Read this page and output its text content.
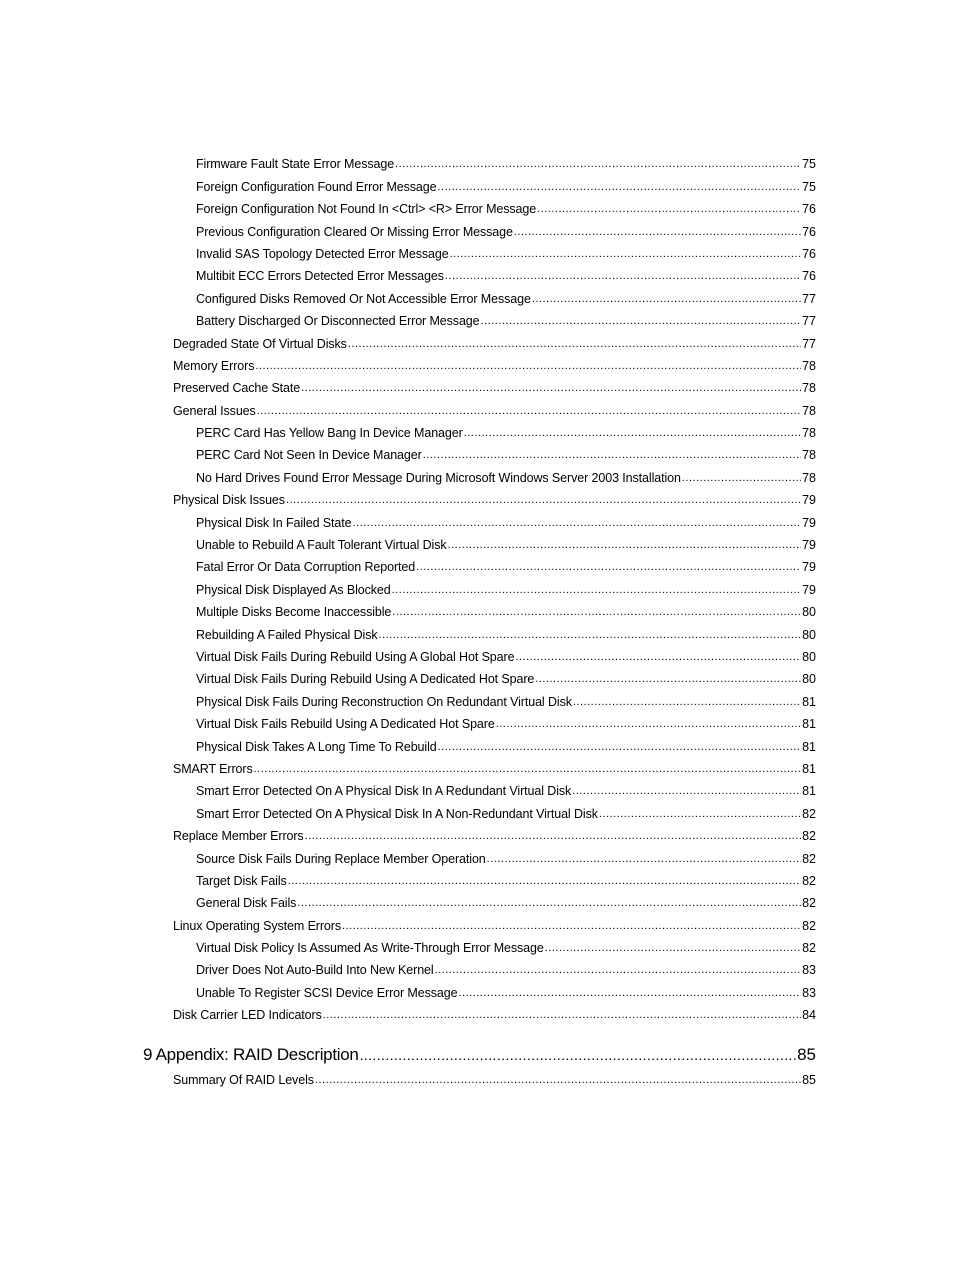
Firmware Fault State Error Message .....	75
Foreign Configuration Found Error Message .....	75
Foreign Configuration Not Found In <Ctrl> <R> Error Message .....	76
Previous Configuration Cleared Or Missing Error Message .....	76
Invalid SAS Topology Detected Error Message .....	76
Multibit ECC Errors Detected Error Messages .....	76
Configured Disks Removed Or Not Accessible Error Message .....	77
Battery Discharged Or Disconnected Error Message .....	77
Degraded State Of Virtual Disks .....	77
Memory Errors .....	78
Preserved Cache State .....	78
General Issues .....	78
PERC Card Has Yellow Bang In Device Manager .....	78
PERC Card Not Seen In Device Manager .....	78
No Hard Drives Found Error Message During Microsoft Windows Server 2003 Installation .....	78
Physical Disk Issues .....	79
Physical Disk In Failed State .....	79
Unable to Rebuild A Fault Tolerant Virtual Disk .....	79
Fatal Error Or Data Corruption Reported .....	79
Physical Disk Displayed As Blocked .....	79
Multiple Disks Become Inaccessible .....	80
Rebuilding A Failed Physical Disk .....	80
Virtual Disk Fails During Rebuild Using A Global Hot Spare .....	80
Virtual Disk Fails During Rebuild Using A Dedicated Hot Spare .....	80
Physical Disk Fails During Reconstruction On Redundant Virtual Disk .....	81
Virtual Disk Fails Rebuild Using A Dedicated Hot Spare .....	81
Physical Disk Takes A Long Time To Rebuild .....	81
SMART Errors .....	81
Smart Error Detected On A Physical Disk In A Redundant Virtual Disk .....	81
Smart Error Detected On A Physical Disk In A Non-Redundant Virtual Disk .....	82
Replace Member Errors .....	82
Source Disk Fails During Replace Member Operation .....	82
Target Disk Fails .....	82
General Disk Fails .....	82
Linux Operating System Errors .....	82
Virtual Disk Policy Is Assumed As Write-Through Error Message .....	82
Driver Does Not Auto-Build Into New Kernel .....	83
Unable To Register SCSI Device Error Message .....	83
Disk Carrier LED Indicators .....	84
9 Appendix: RAID Description .....	85
Summary Of RAID Levels .....	85
